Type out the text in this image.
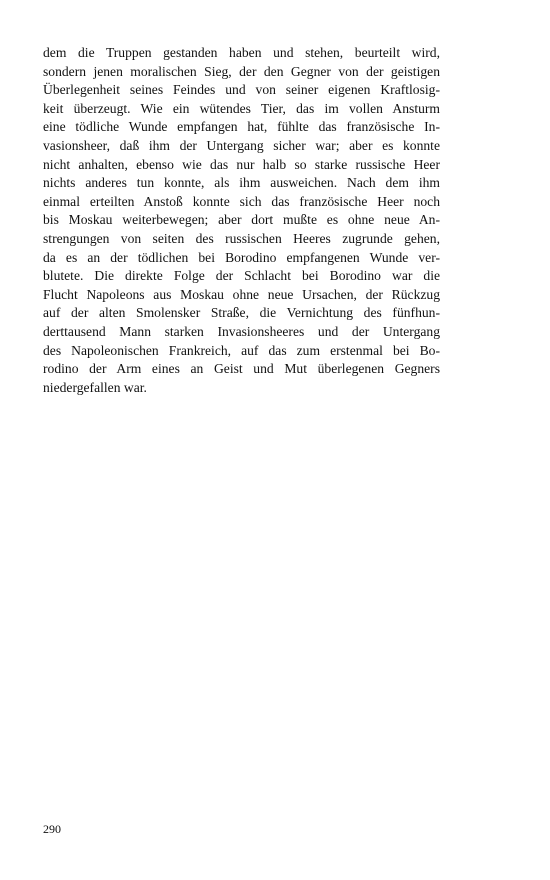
dem die Truppen gestanden haben und stehen, beurteilt wird,
sondern jenen moralischen Sieg, der den Gegner von der geistigen
Überlegenheit seines Feindes und von seiner eigenen Kraftlosig-
keit überzeugt. Wie ein wütendes Tier, das im vollen Ansturm
eine tödliche Wunde empfangen hat, fühlte das französische In-
vasionsheer, daß ihm der Untergang sicher war; aber es konnte
nicht anhalten, ebenso wie das nur halb so starke russische Heer
nichts anderes tun konnte, als ihm ausweichen. Nach dem ihm
einmal erteilten Anstoß konnte sich das französische Heer noch
bis Moskau weiterbewegen; aber dort mußte es ohne neue An-
strengungen von seiten des russischen Heeres zugrunde gehen,
da es an der tödlichen bei Borodino empfangenen Wunde ver-
blutete. Die direkte Folge der Schlacht bei Borodino war die
Flucht Napoleons aus Moskau ohne neue Ursachen, der Rückzug
auf der alten Smolensker Straße, die Vernichtung des fünfhun-
derttausend Mann starken Invasionsheeres und der Untergang
des Napoleonischen Frankreich, auf das zum erstenmal bei Bo-
rodino der Arm eines an Geist und Mut überlegenen Gegners
niedergefallen war.
290
